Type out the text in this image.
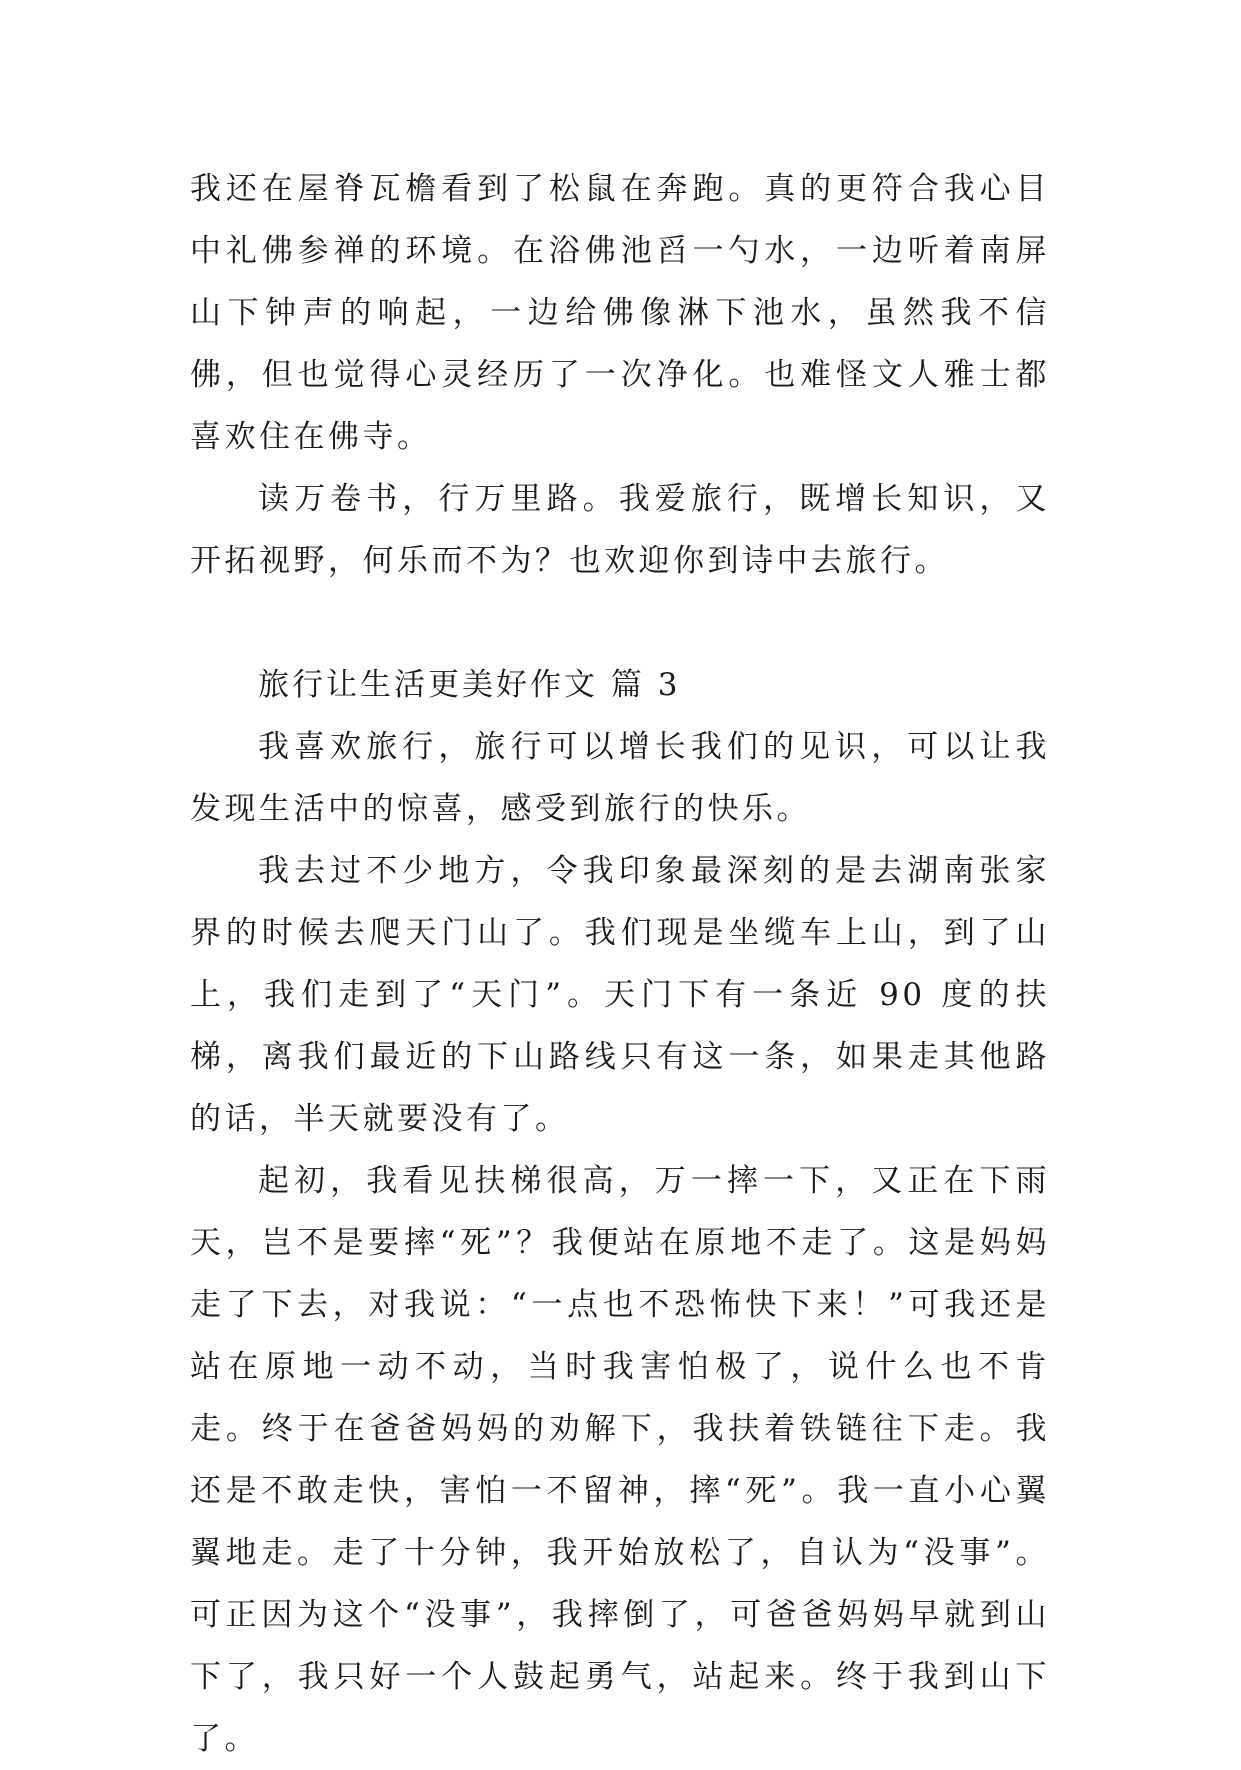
我还在屋脊瓦檐看到了松鼠在奔跑。真的更符合我心目中礼佛参禅的环境。在浴佛池舀一勺水，一边听着南屏山下钟声的响起，一边给佛像淋下池水，虽然我不信佛，但也觉得心灵经历了一次净化。也难怪文人雅士都喜欢住在佛寺。

读万卷书，行万里路。我爱旅行，既增长知识，又开拓视野，何乐而不为？也欢迎你到诗中去旅行。

旅行让生活更美好作文 篇 3

我喜欢旅行，旅行可以增长我们的见识，可以让我发现生活中的惊喜，感受到旅行的快乐。

我去过不少地方，令我印象最深刻的是去湖南张家界的时候去爬天门山了。我们现是坐缆车上山，到了山上，我们走到了“天门”。天门下有一条近 90 度的扶梯，离我们最近的下山路线只有这一条，如果走其他路的话，半天就要没有了。

起初，我看见扶梯很高，万一摔一下，又正在下雨天，岂不是要摔“死”？我便站在原地不走了。这是妈妈走了下去，对我说：“一点也不恐怖快下来！”可我还是站在原地一动不动，当时我害怕极了，说什么也不肯走。终于在爸爸妈妈的劝解下，我扶着铁链往下走。我还是不敢走快，害怕一不留神，摔“死”。我一直小心翼翼地走。走了十分钟，我开始放松了，自认为“没事”。可正因为这个“没事”，我摔倒了，可爸爸妈妈早就到山下了，我只好一个人鼓起勇气，站起来。终于我到山下了。
